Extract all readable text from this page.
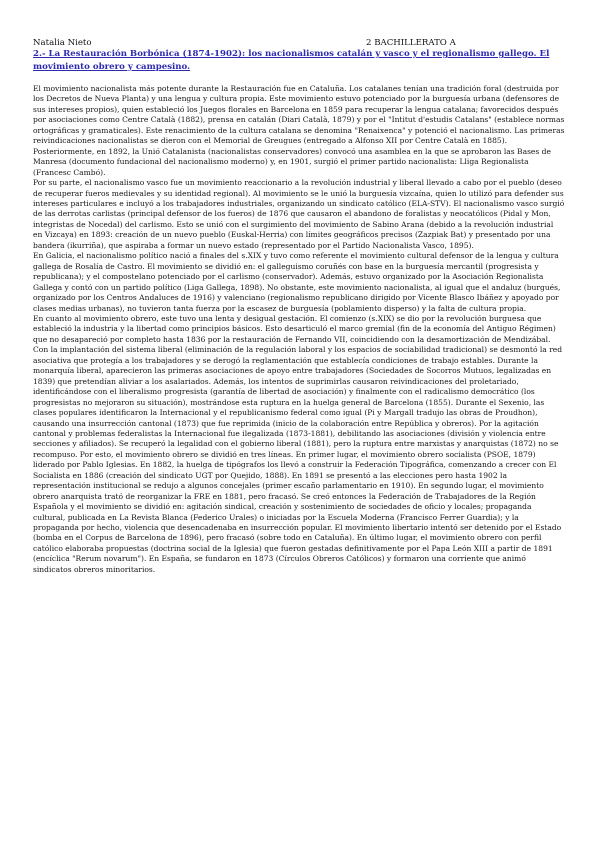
Natalia Nieto	2 BACHILLERATO A
2.- La Restauración Borbónica (1874-1902): los nacionalismos catalán y vasco y el regionalismo gallego. El movimiento obrero y campesino.

El movimiento nacionalista más potente durante la Restauración fue en Cataluña. Los catalanes tenían una tradición foral (destruida por los Decretos de Nueva Planta) y una lengua y cultura propia. Este movimiento estuvo potenciado por la burguesía urbana (defensores de sus intereses propios), quien estableció los Juegos florales en Barcelona en 1859 para recuperar la lengua catalana; favorecidos después por asociaciones como Centre Català (1882), prensa en catalán (Diari Català, 1879) y por el "Intitut d'estudis Catalans" (establece normas ortográficas y gramaticales). Este renacimiento de la cultura catalana se denomina "Renaixenca" y potenció el nacionalismo. Las primeras reivindicaciones nacionalistas se dieron con el Memorial de Greugues (entregado a Alfonso XII por Centre Català en 1885). Posteriormente, en 1892, la Unió Catalanista (nacionalistas conservadores) convocó una asamblea en la que se aprobaron las Bases de Manresa (documento fundacional del nacionalismo moderno) y, en 1901, surgió el primer partido nacionalista: Lliga Regionalista (Francesc Cambó).

Por su parte, el nacionalismo vasco fue un movimiento reaccionario a la revolución industrial y liberal llevado a cabo por el pueblo (deseo de recuperar fueros medievales y su identidad regional). Al movimiento se le unió la burguesía vizcaína, quien lo utilizó para defender sus intereses particulares e incluyó a los trabajadores industriales, organizando un sindicato católico (ELA-STV). El nacionalismo vasco surgió de las derrotas carlistas (principal defensor de los fueros) de 1876 que causaron el abandono de foralistas y neocatólicos (Pidal y Mon, integristas de Nocedal) del carlismo. Esto se unió con el surgimiento del movimiento de Sabino Arana (debido a la revolución industrial en Vizcaya) en 1893: creación de un nuevo pueblo (Euskal-Herria) con límites geográficos precisos (Zazpiak Bat) y presentado por una bandera (ikurriña), que aspiraba a formar un nuevo estado (representado por el Partido Nacionalista Vasco, 1895).

En Galicia, el nacionalismo político nació a finales del s.XIX y tuvo como referente el movimiento cultural defensor de la lengua y cultura gallega de Rosalía de Castro. El movimiento se dividió en: el galleguismo coruñés con base en la burguesía mercantil (progresista y republicana); y el compostelano potenciado por el carlismo (conservador). Además, estuvo organizado por la Asociación Regionalista Gallega y contó con un partido político (Liga Gallega, 1898). No obstante, este movimiento nacionalista, al igual que el andaluz (burgués, organizado por los Centros Andaluces de 1916) y valenciano (regionalismo republicano dirigido por Vicente Blasco Ibáñez y apoyado por clases medias urbanas), no tuvieron tanta fuerza por la escasez de burguesía (poblamiento disperso) y la falta de cultura propia.

En cuanto al movimiento obrero, este tuvo una lenta y desigual gestación. El comienzo (s.XIX) se dio por la revolución burguesa que estableció la industria y la libertad como principios básicos. Esto desarticuló el marco gremial (fin de la economía del Antiguo Régimen) que no desapareció por completo hasta 1836 por la restauración de Fernando VII, coincidiendo con la desamortización de Mendizábal. Con la implantación del sistema liberal (eliminación de la regulación laboral y los espacios de sociabilidad tradicional) se desmontó la red asociativa que protegía a los trabajadores y se derogó la reglamentación que establecía condiciones de trabajo estables. Durante la monarquía liberal, aparecieron las primeras asociaciones de apoyo entre trabajadores (Sociedades de Socorros Mutuos, legalizadas en 1839) que pretendían aliviar a los asalariados. Además, los intentos de suprimirlas causaron reivindicaciones del proletariado, identificándose con el liberalismo progresista (garantía de libertad de asociación) y finalmente con el radicalismo democrático (los progresistas no mejoraron su situación), mostrándose esta ruptura en la huelga general de Barcelona (1855). Durante el Sexenio, las clases populares identificaron la Internacional y el republicanismo federal como igual (Pi y Margall tradujo las obras de Proudhon), causando una insurrección cantonal (1873) que fue reprimida (inicio de la colaboración entre República y obreros). Por la agitación cantonal y problemas federalistas la Internacional fue ilegalizada (1873-1881), debilitando las asociaciones (división y violencia entre secciones y afiliados). Se recuperó la legalidad con el gobierno liberal (1881), pero la ruptura entre marxistas y anarquistas (1872) no se recompuso. Por esto, el movimiento obrero se dividió en tres líneas. En primer lugar, el movimiento obrero socialista (PSOE, 1879) liderado por Pablo Iglesias. En 1882, la huelga de tipógrafos los llevó a construir la Federación Tipográfica, comenzando a crecer con El Socialista en 1886 (creación del sindicato UGT por Quejido, 1888). En 1891 se presentó a las elecciones pero hasta 1902 la representación institucional se redujo a algunos concejales (primer escaño parlamentario en 1910). En segundo lugar, el movimiento obrero anarquista trató de reorganizar la FRE en 1881, pero fracasó. Se creó entonces la Federación de Trabajadores de la Región Española y el movimiento se dividió en: agitación sindical, creación y sostenimiento de sociedades de oficio y locales; propaganda cultural, publicada en La Revista Blanca (Federico Urales) o iniciadas por la Escuela Moderna (Francisco Ferrer Guardia); y la propaganda por hecho, violencia que desencadenaba en insurrección popular. El movimiento libertario intentó ser detenido por el Estado (bomba en el Corpus de Barcelona de 1896), pero fracasó (sobre todo en Cataluña). En último lugar, el movimiento obrero con perfil católico elaboraba propuestas (doctrina social de la Iglesia) que fueron gestadas definitivamente por el Papa León XIII a partir de 1891 (encíclica "Rerum novarum"). En España, se fundaron en 1873 (Círculos Obreros Católicos) y formaron una corriente que animó sindicatos obreros minoritarios.
